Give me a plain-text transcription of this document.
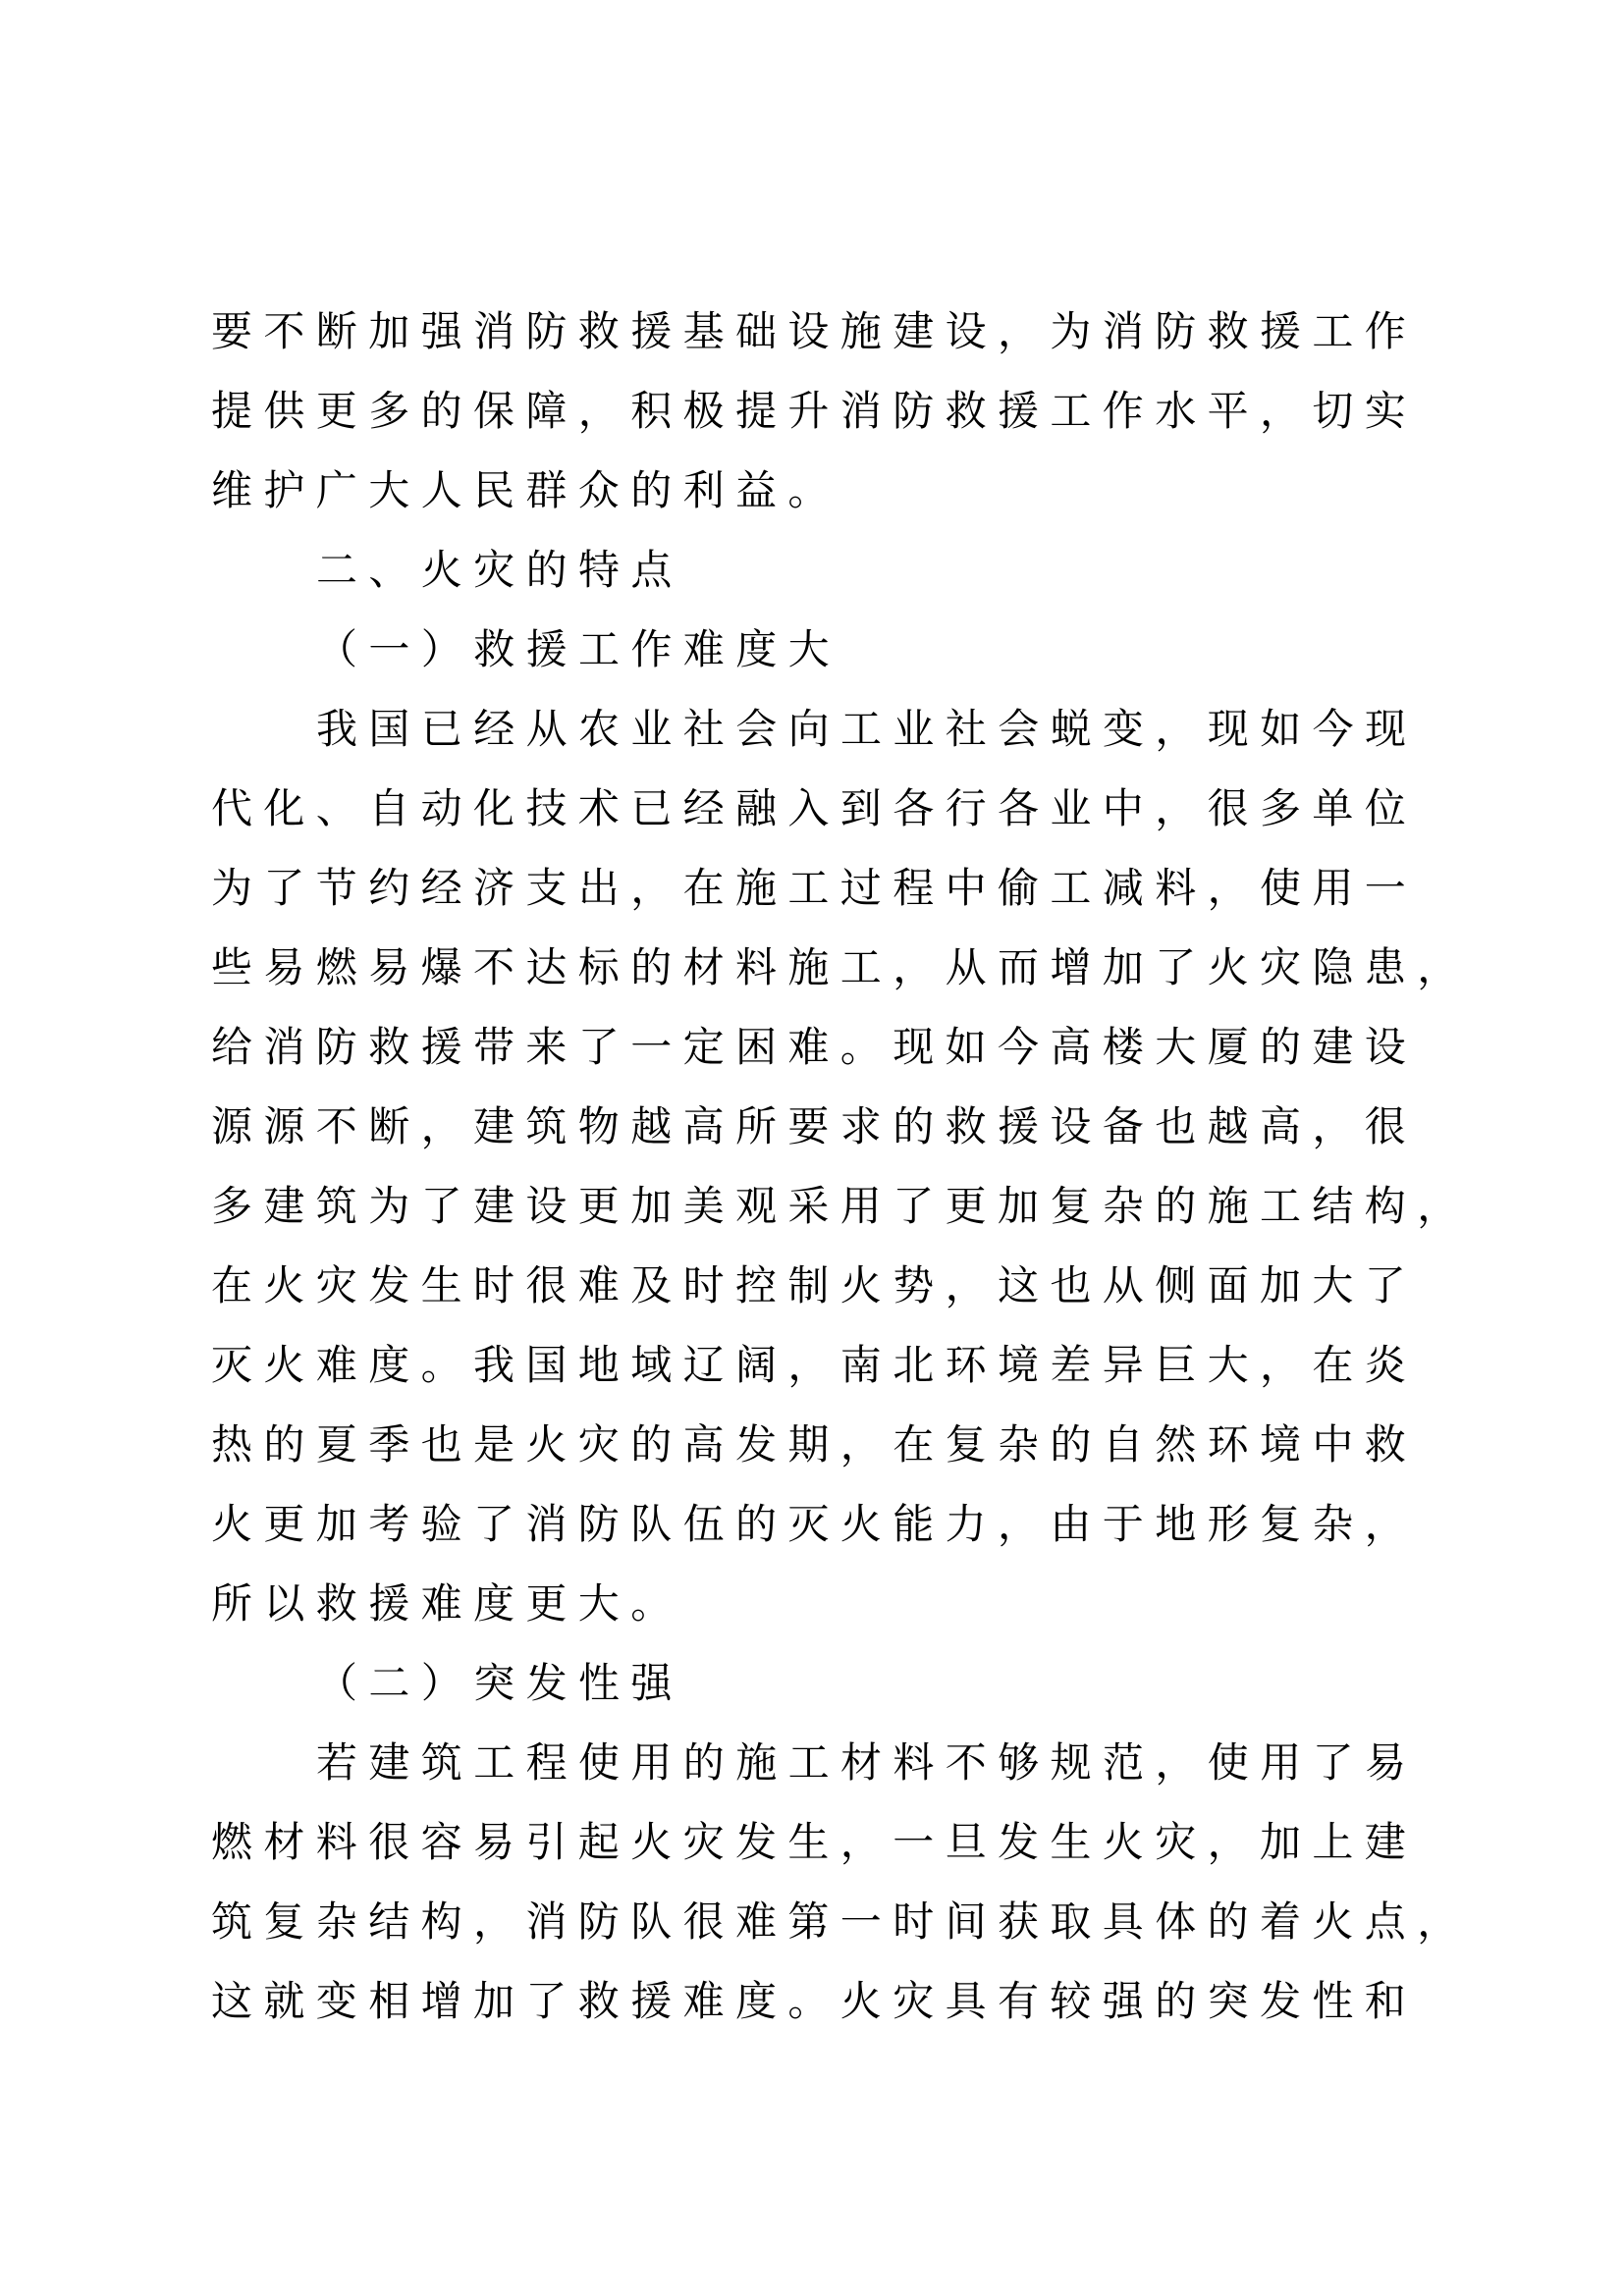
要不断加强消防救援基础设施建设，为消防救援工作
提供更多的保障，积极提升消防救援工作水平，切实
维护广大人民群众的利益。
二、火灾的特点
（一）救援工作难度大
我国已经从农业社会向工业社会蜕变，现如今现
代化、自动化技术已经融入到各行各业中，很多单位
为了节约经济支出，在施工过程中偷工减料，使用一
些易燃易爆不达标的材料施工，从而增加了火灾隐患，
给消防救援带来了一定困难。现如今高楼大厦的建设
源源不断，建筑物越高所要求的救援设备也越高，很
多建筑为了建设更加美观采用了更加复杂的施工结构，
在火灾发生时很难及时控制火势，这也从侧面加大了
灭火难度。我国地域辽阔，南北环境差异巨大，在炎
热的夏季也是火灾的高发期，在复杂的自然环境中救
火更加考验了消防队伍的灭火能力，由于地形复杂，
所以救援难度更大。
（二）突发性强
若建筑工程使用的施工材料不够规范，使用了易
燃材料很容易引起火灾发生，一旦发生火灾，加上建
筑复杂结构，消防队很难第一时间获取具体的着火点，
这就变相增加了救援难度。火灾具有较强的突发性和
